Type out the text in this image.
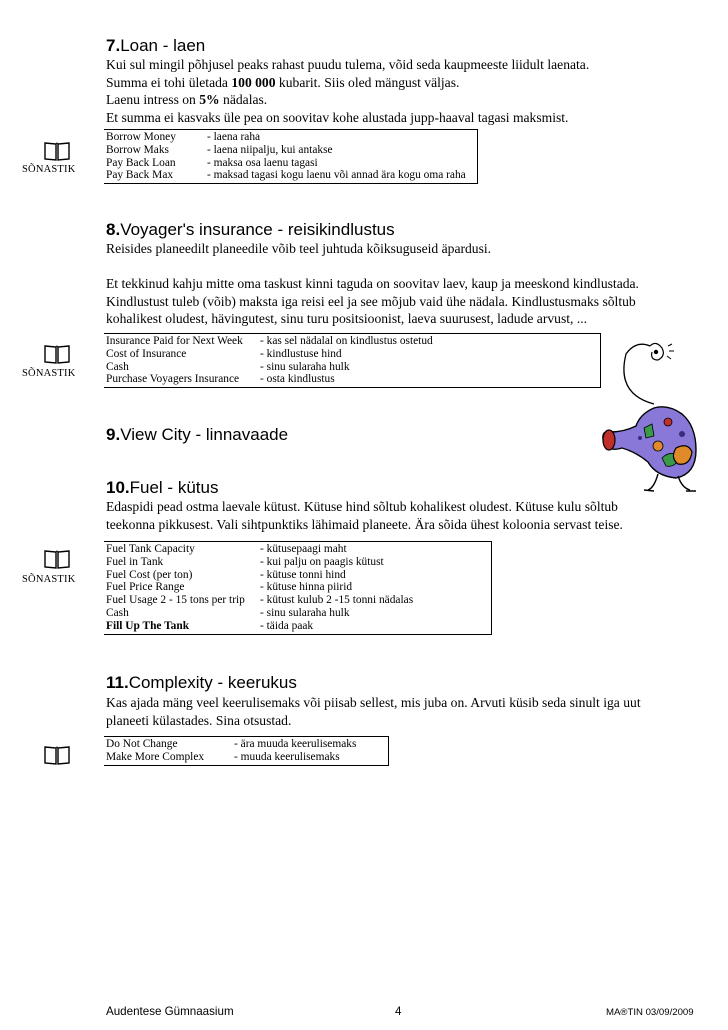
7.Loan - laen
Kui sul mingil põhjusel peaks rahast puudu tulema, võid seda kaupmeeste liidult laenata.
Summa ei tohi ületada 100 000 kubarit. Siis oled mängust väljas.
Laenu intress on 5% nädalas.
Et summa ei kasvaks üle pea on soovitav kohe alustada jupp-haaval tagasi maksmist.
SÕNASTIK
Borrow Money	- laena raha
Borrow Maks	- laena niipalju, kui antakse
Pay Back Loan	- maksa osa laenu tagasi
Pay Back Max	- maksad tagasi kogu laenu või annad ära kogu oma raha
8.Voyager's insurance - reisikindlustus
Reisides planeedilt planeedile võib teel juhtuda kõiksuguseid äpardusi.
Et tekkinud kahju mitte oma taskust kinni taguda on soovitav laev, kaup ja meeskond kindlustada.
Kindlustust tuleb (võib) maksta iga reisi eel ja see mõjub vaid ühe nädala. Kindlustusmaks sõltub
kohalikest oludest, hävingutest, sinu turu positsioonist, laeva suurusest, ladude arvust, ...
SÕNASTIK
Insurance Paid for Next Week	- kas sel nädalal on kindlustus ostetud
Cost of Insurance	- kindlustuse hind
Cash	- sinu sularaha hulk
Purchase Voyagers Insurance	- osta kindlustus
9.View City - linnavaade
10.Fuel - kütus
Edaspidi pead ostma laevale kütust. Kütuse hind sõltub kohalikest oludest. Kütuse kulu sõltub
teekonna pikkusest. Vali sihtpunktiks lähimaid planeete. Ära sõida ühest koloonia servast teise.
SÕNASTIK
Fuel Tank Capacity	- kütusepaagi maht
Fuel in Tank	- kui palju on paagis kütust
Fuel Cost (per ton)	- kütuse tonni hind
Fuel Price Range	- kütuse hinna piirid
Fuel Usage 2 - 15 tons per trip	- kütust kulub 2 -15 tonni nädalas
Cash	- sinu sularaha hulk
Fill Up The Tank	- täida paak
11.Complexity - keerukus
Kas ajada mäng veel keerulisemaks või piisab sellest, mis juba on. Arvuti küsib seda sinult iga uut
planeeti külastades. Sina otsustad.
Do Not Change	- ära muuda keerulisemaks
Make More Complex	- muuda keerulisemaks
Audentese Gümnaasium	4	MA®TIN 03/09/2009
